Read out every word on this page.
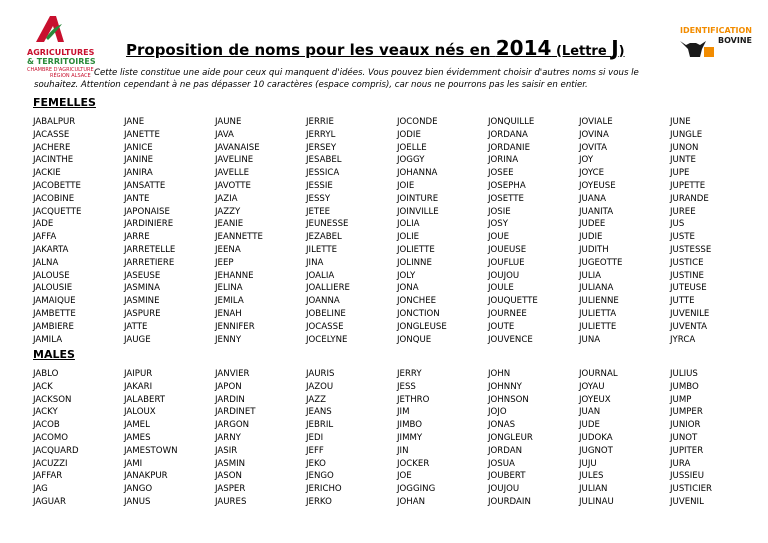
AGRICULTURES
& TERRITOIRES
CHAMBRE D'AGRICULTURE
RÉGION ALSACE
IDENTIFICATION
BOVINE
Proposition de noms pour les veaux nés en 2014 (Lettre J)
Cette liste constitue une aide pour ceux qui manquent d'idées. Vous pouvez bien évidemment choisir d'autres noms si vous le
souhaitez. Attention cependant à ne pas dépasser 10 caractères (espace compris), car nous ne pourrons pas les saisir en entier.
FEMELLES
JABALPUR
JACASSE
JACHERE
JACINTHE
JACKIE
JACOBETTE
JACOBINE
JACQUETTE
JADE
JAFFA
JAKARTA
JALNA
JALOUSE
JALOUSIE
JAMAIQUE
JAMBETTE
JAMBIERE
JAMILA
JANE
JANETTE
JANICE
JANINE
JANIRA
JANSATTE
JANTE
JAPONAISE
JARDINIERE
JARRE
JARRETELLE
JARRETIERE
JASEUSE
JASMINA
JASMINE
JASPURE
JATTE
JAUGE
JAUNE
JAVA
JAVANAISE
JAVELINE
JAVELLE
JAVOTTE
JAZIA
JAZZY
JEANIE
JEANNETTE
JEENA
JEEP
JEHANNE
JELINA
JEMILA
JENAH
JENNIFER
JENNY
JERRIE
JERRYL
JERSEY
JESABEL
JESSICA
JESSIE
JESSY
JETEE
JEUNESSE
JEZABEL
JILETTE
JINA
JOALIA
JOALLIERE
JOANNA
JOBELINE
JOCASSE
JOCELYNE
JOCONDE
JODIE
JOELLE
JOGGY
JOHANNA
JOIE
JOINTURE
JOINVILLE
JOLIA
JOLIE
JOLIETTE
JOLINNE
JOLY
JONA
JONCHEE
JONCTION
JONGLEUSE
JONQUE
JONQUILLE
JORDANA
JORDANIE
JORINA
JOSEE
JOSEPHA
JOSETTE
JOSIE
JOSY
JOUE
JOUEUSE
JOUFLUE
JOUJOU
JOULE
JOUQUETTE
JOURNEE
JOUTE
JOUVENCE
JOVIALE
JOVINA
JOVITA
JOY
JOYCE
JOYEUSE
JUANA
JUANITA
JUDEE
JUDIE
JUDITH
JUGEOTTE
JULIA
JULIANA
JULIENNE
JULIETTA
JULIETTE
JUNA
JUNE
JUNGLE
JUNON
JUNTE
JUPE
JUPETTE
JURANDE
JUREE
JUS
JUSTE
JUSTESSE
JUSTICE
JUSTINE
JUTEUSE
JUTTE
JUVENILE
JUVENTA
JYRCA
MALES
JABLO
JACK
JACKSON
JACKY
JACOB
JACOMO
JACQUARD
JACUZZI
JAFFAR
JAG
JAGUAR
JAIPUR
JAKARI
JALABERT
JALOUX
JAMEL
JAMES
JAMESTOWN
JAMI
JANAKPUR
JANGO
JANUS
JANVIER
JAPON
JARDIN
JARDINET
JARGON
JARNY
JASIR
JASMIN
JASON
JASPER
JAURES
JAURIS
JAZOU
JAZZ
JEANS
JEBRIL
JEDI
JEFF
JEKO
JENGO
JERICHO
JERKO
JERRY
JESS
JETHRO
JIM
JIMBO
JIMMY
JIN
JOCKER
JOE
JOGGING
JOHAN
JOHN
JOHNNY
JOHNSON
JOJO
JONAS
JONGLEUR
JORDAN
JOSUA
JOUBERT
JOUJOU
JOURDAIN
JOURNAL
JOYAU
JOYEUX
JUAN
JUDE
JUDOKA
JUGNOT
JUJU
JULES
JULIAN
JULINAU
JULIUS
JUMBO
JUMP
JUMPER
JUNIOR
JUNOT
JUPITER
JURA
JUSSIEU
JUSTICIER
JUVENIL
